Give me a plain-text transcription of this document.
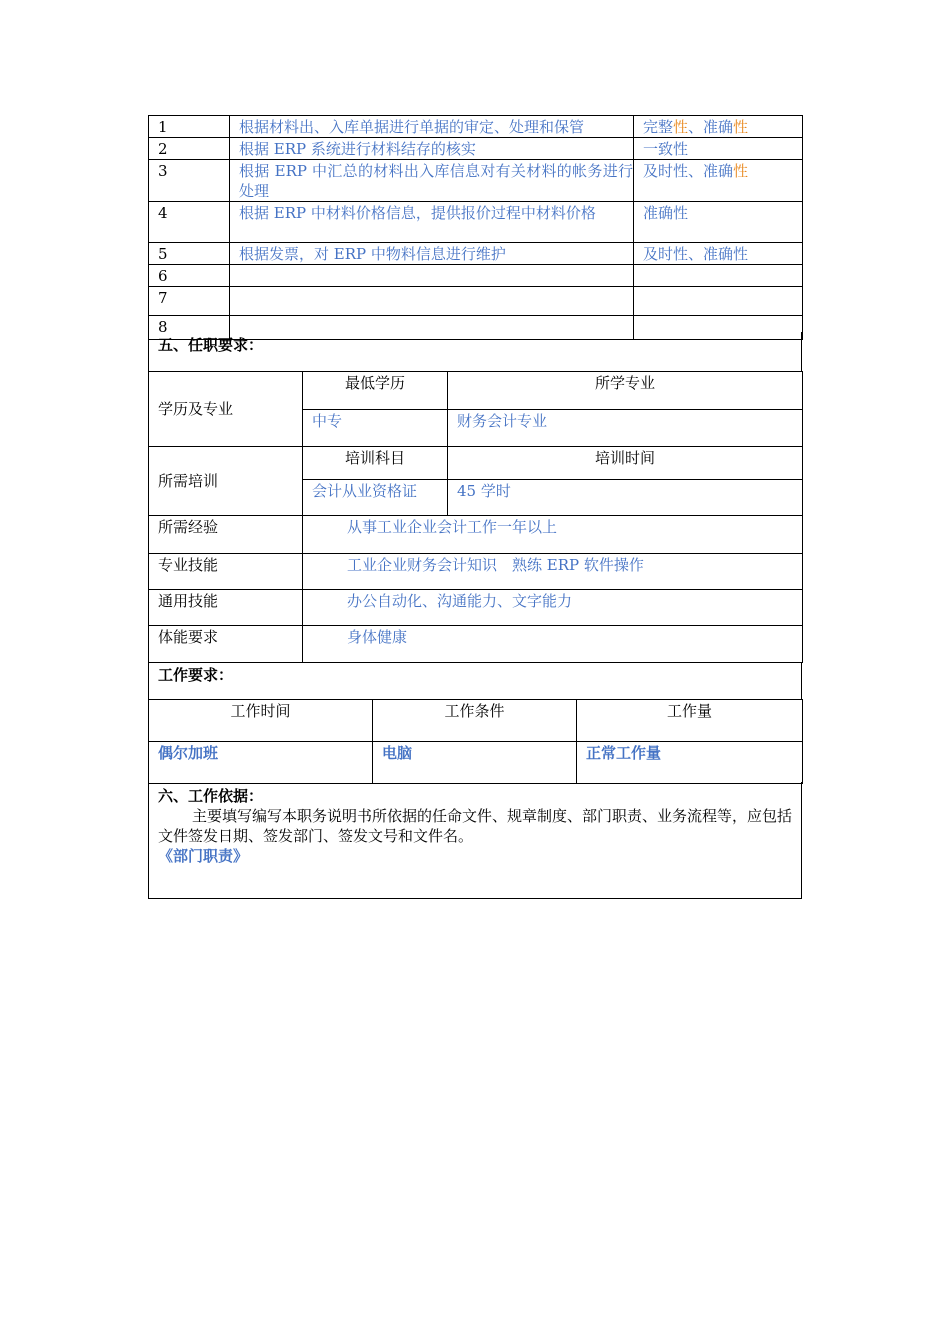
1	根据材料出、入库单据进行单据的审定、处理和保管	完整性、准确性
2	根据 ERP 系统进行材料结存的核实	一致性
3	根据 ERP 中汇总的材料出入库信息对有关材料的帐务进行处理	及时性、准确性
4	根据 ERP 中材料价格信息，提供报价过程中材料价格	准确性
5	根据发票，对 ERP 中物料信息进行维护	及时性、准确性
6		
7		
8		
五、任职要求：
学历及专业	最低学历	所学专业
	中专	财务会计专业
所需培训	培训科目	培训时间
	会计从业资格证	45 学时
所需经验	从事工业企业会计工作一年以上	
专业技能	工业企业财务会计知识　熟练 ERP 软件操作	
通用技能	办公自动化、沟通能力、文字能力	
体能要求	身体健康	
工作要求：
工作时间	工作条件	工作量
偶尔加班	电脑	正常工作量
六、工作依据：
主要填写编写本职务说明书所依据的任命文件、规章制度、部门职责、业务流程等，应包括文件签发日期、签发部门、签发文号和文件名。
《部门职责》
